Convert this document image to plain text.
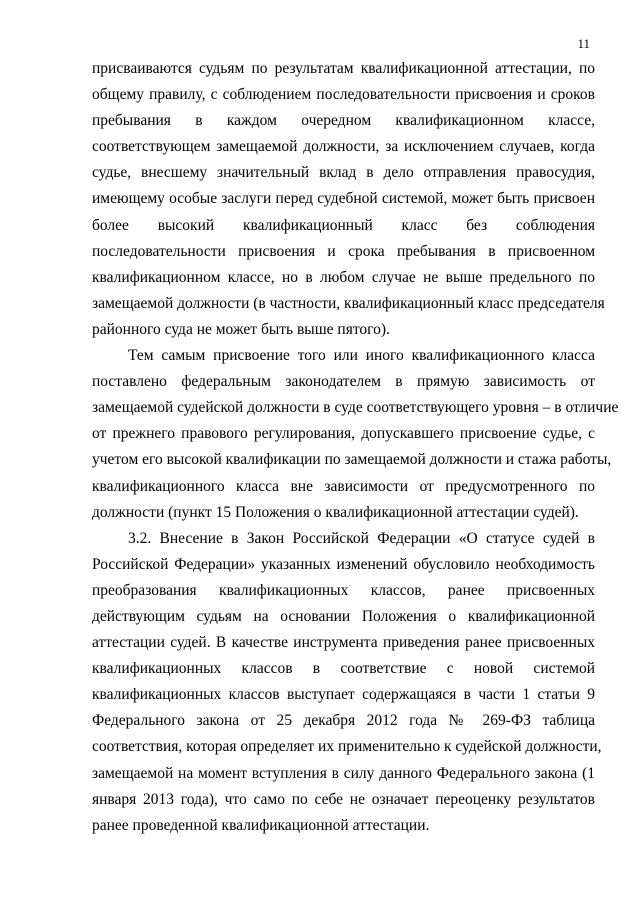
11
присваиваются судьям по результатам квалификационной аттестации, по
общему правилу, с соблюдением последовательности присвоения и сроков
пребывания в каждом очередном квалификационном классе,
соответствующем замещаемой должности, за исключением случаев, когда
судье, внесшему значительный вклад в дело отправления правосудия,
имеющему особые заслуги перед судебной системой, может быть присвоен
более высокий квалификационный класс без соблюдения
последовательности присвоения и срока пребывания в присвоенном
квалификационном классе, но в любом случае не выше предельного по
замещаемой должности (в частности, квалификационный класс председателя
районного суда не может быть выше пятого).
Тем самым присвоение того или иного квалификационного класса
поставлено федеральным законодателем в прямую зависимость от
замещаемой судейской должности в суде соответствующего уровня – в отличие
от прежнего правового регулирования, допускавшего присвоение судье, с
учетом его высокой квалификации по замещаемой должности и стажа работы,
квалификационного класса вне зависимости от предусмотренного по
должности (пункт 15 Положения о квалификационной аттестации судей).
3.2. Внесение в Закон Российской Федерации «О статусе судей в
Российской Федерации» указанных изменений обусловило необходимость
преобразования квалификационных классов, ранее присвоенных
действующим судьям на основании Положения о квалификационной
аттестации судей. В качестве инструмента приведения ранее присвоенных
квалификационных классов в соответствие с новой системой
квалификационных классов выступает содержащаяся в части 1 статьи 9
Федерального закона от 25 декабря 2012 года № 269-ФЗ таблица
соответствия, которая определяет их применительно к судейской должности,
замещаемой на момент вступления в силу данного Федерального закона (1
января 2013 года), что само по себе не означает переоценку результатов
ранее проведенной квалификационной аттестации.
